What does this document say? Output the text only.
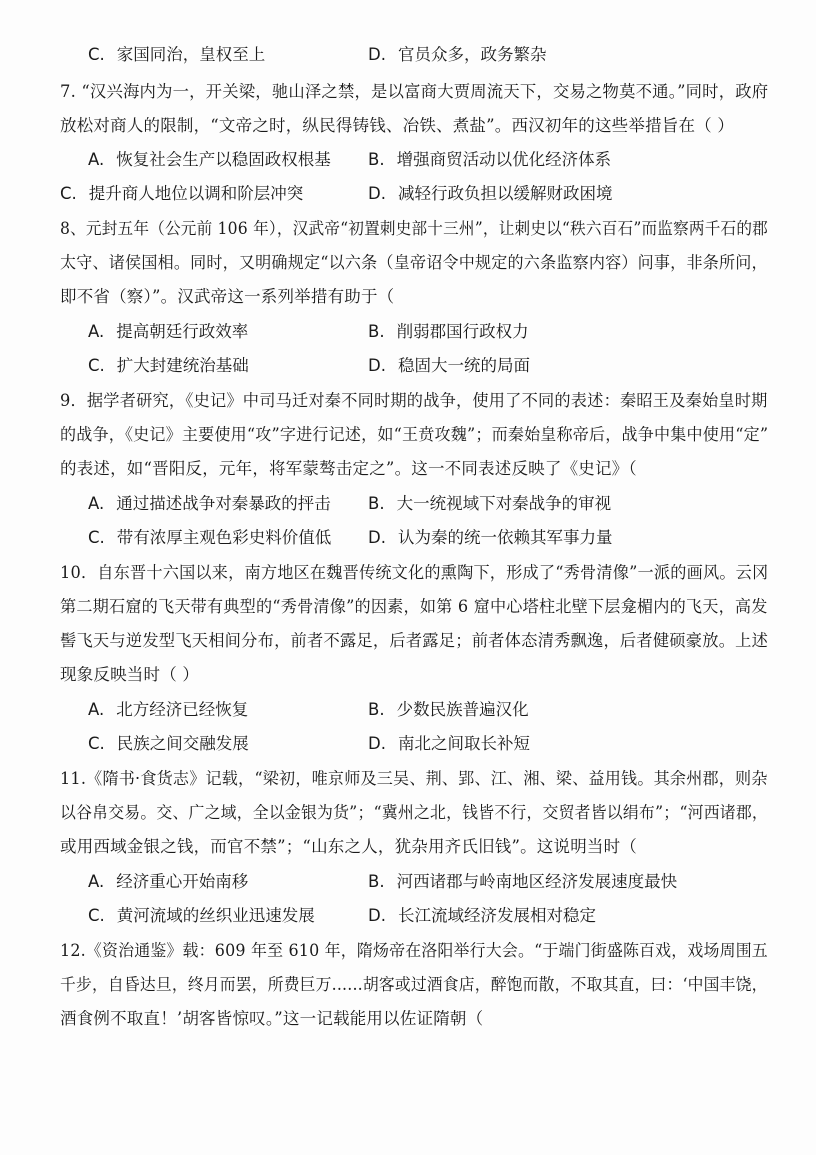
C. 家国同治，皇权至上	D. 官员众多，政务繁杂
7. “汉兴海内为一，开关梁，驰山泽之禁，是以富商大贾周流天下，交易之物莫不通。”同时，政府
放松对商人的限制，“文帝之时，纵民得铸钱、冶铁、煮盐”。西汉初年的这些举措旨在（ ）
A. 恢复社会生产以稳固政权根基 B. 增强商贸活动以优化经济体系
C. 提升商人地位以调和阶层冲突	D. 减轻行政负担以缓解财政困境
8、元封五年（公元前 106 年），汉武帝“初置刺史部十三州”，让刺史以“秩六百石”而监察两千石的郡
太守、诸侯国相。同时，又明确规定“以六条（皇帝诏令中规定的六条监察内容）问事，非条所问，
即不省（察）”。汉武帝这一系列举措有助于（
A. 提高朝廷行政效率	B. 削弱郡国行政权力
C. 扩大封建统治基础	D. 稳固大一统的局面
9．据学者研究，《史记》中司马迁对秦不同时期的战争，使用了不同的表述：秦昭王及秦始皇时期
的战争，《史记》主要使用“攻”字进行记述，如“王贲攻魏”；而秦始皇称帝后，战争中集中使用“定”
的表述，如“晋阳反，元年，将军蒙骜击定之”。这一不同表述反映了《史记》（
A. 通过描述战争对秦暴政的抨击 B. 大一统视域下对秦战争的审视
C. 带有浓厚主观色彩史料价值低 D. 认为秦的统一依赖其军事力量
10．自东晋十六国以来，南方地区在魏晋传统文化的熏陶下，形成了“秀骨清像”一派的画风。云冈
第二期石窟的飞天带有典型的“秀骨清像”的因素，如第 6 窟中心塔柱北壁下层龛楣内的飞天，高发
髻飞天与逆发型飞天相间分布，前者不露足，后者露足；前者体态清秀飘逸，后者健硕豪放。上述
现象反映当时（ ）
A. 北方经济已经恢复	B. 少数民族普遍汉化
C. 民族之间交融发展	D. 南北之间取长补短
11.《隋书·食货志》记载，“梁初，唯京师及三吴、荆、郢、江、湘、梁、益用钱。其余州郡，则杂
以谷帛交易。交、广之域，全以金银为货”；“冀州之北，钱皆不行，交贸者皆以绢布”；“河西诸郡，
或用西域金银之钱，而官不禁”；“山东之人，犹杂用齐氏旧钱”。这说明当时（
A. 经济重心开始南移	B. 河西诸郡与岭南地区经济发展速度最快
C. 黄河流域的丝织业迅速发展	D. 长江流域经济发展相对稳定
12.《资治通鉴》载：609 年至 610 年，隋炀帝在洛阳举行大会。“于端门街盛陈百戏，戏场周围五
千步，自昏达旦，终月而罢，所费巨万......胡客或过酒食店，醉饱而散，不取其直，曰：‘中国丰饶，
酒食例不取直！’胡客皆惊叹。”这一记载能用以佐证隋朝（
